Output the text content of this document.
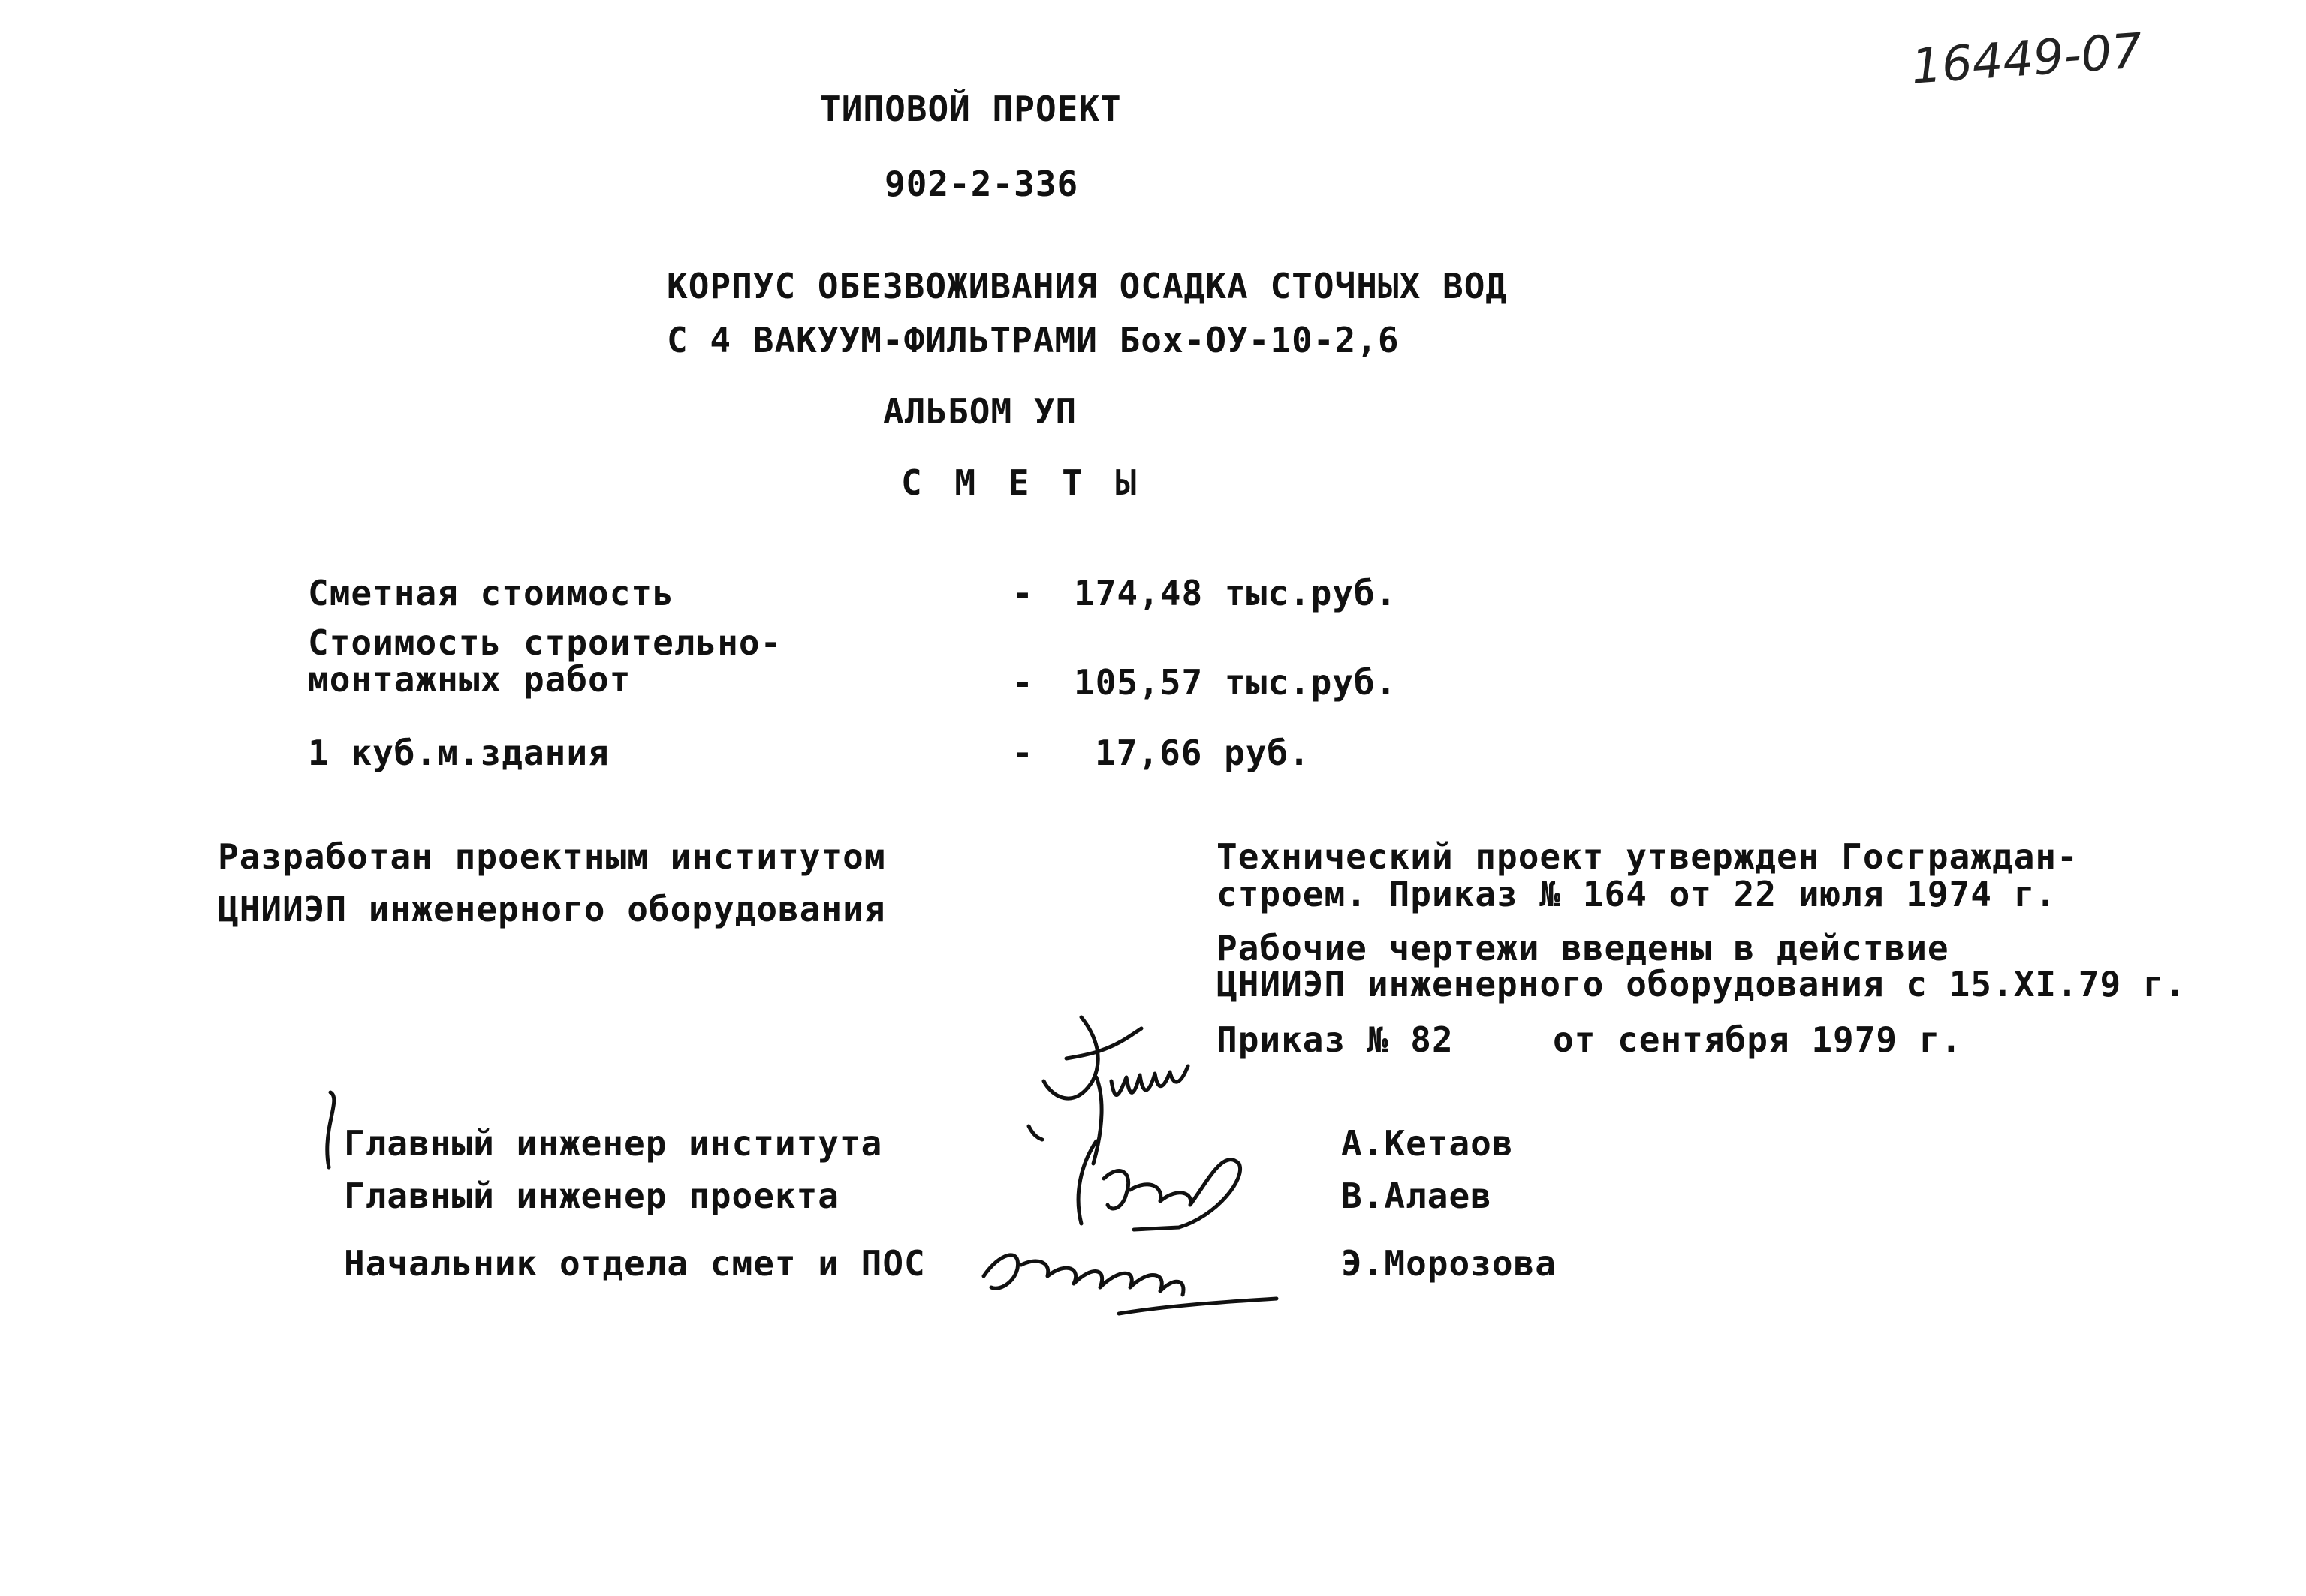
16449-07
ТИПОВОЙ ПРОЕКТ
902-2-336
КОРПУС ОБЕЗВОЖИВАНИЯ ОСАДКА СТОЧНЫХ ВОД
С 4 ВАКУУМ-ФИЛЬТРАМИ Бох-ОУ-10-2,6
АЛЬБОМ УП
С М Е Т Ы
Сметная стоимость	- 174,48 тыс.руб.
Стоимость строительно-
монтажных работ	- 105,57 тыс.руб.
1 куб.м.здания	- 17,66 руб.
Разработан проектным институтом
ЦНИИЭП инженерного оборудования
Технический проект утвержден Госграждан-
строем. Приказ № 164 от 22 июля 1974 г.
Рабочие чертежи введены в действие
ЦНИИЭП инженерного оборудования с 15.XI.79 г.
Приказ № 82	от сентября 1979 г.
Главный инженер института	А.Кетаов
Главный инженер проекта	В.Алаев
Начальник отдела смет и ПОС	Э.Морозова
